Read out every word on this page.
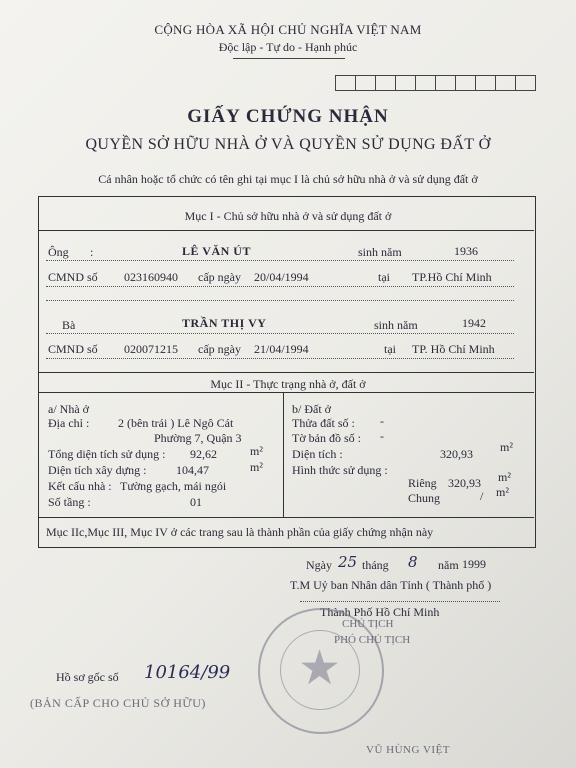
CỘNG HÒA XÃ HỘI CHỦ NGHĨA VIỆT NAM
Độc lập - Tự do - Hạnh phúc
GIẤY CHỨNG NHẬN
QUYỀN SỞ HỮU NHÀ Ở VÀ QUYỀN SỬ DỤNG ĐẤT Ở
Cá nhân hoặc tổ chức có tên ghi tại mục I là chủ sở hữu nhà ở và sử dụng đất ở
Mục I - Chủ sở hữu nhà ở và sử dụng đất ở
Ông :	LÊ VĂN ÚT	sinh năm	1936
CMND số 023160940 cấp ngày 20/04/1994	tại TP.Hồ Chí Minh
Bà	TRẦN THỊ VY	sinh năm	1942
CMND số 020071215 cấp ngày 21/04/1994	tại TP. Hồ Chí Minh
Mục II - Thực trạng nhà ở, đất ở
a/ Nhà ở
Địa chỉ : 2 (bên trái ) Lê Ngô Cát
Phường 7, Quận 3
Tổng diện tích sử dụng : 92,62	m²
Diện tích xây dựng : 104,47	m²
Kết cấu nhà : Tường gạch, mái ngói
Số tầng :	01
b/ Đất ở
Thửa đất số : -
Tờ bản đồ số : -
Diện tích :	320,93 m²
Hình thức sử dụng :
Riêng 320,93 m²
Chung	/ m²
Mục IIc,Mục III, Mục IV ở các trang sau là thành phần của giấy chứng nhận này
Ngày 25 tháng 8 năm 1999
T.M Uỷ ban Nhân dân Tỉnh ( Thành phố )
Thành Phố Hồ Chí Minh
★
CHỦ TỊCH
PHÓ CHỦ TỊCH
Hồ sơ gốc số 10164/99
(BẢN CẤP CHO CHỦ SỞ HỮU)
VŨ HÙNG VIỆT
